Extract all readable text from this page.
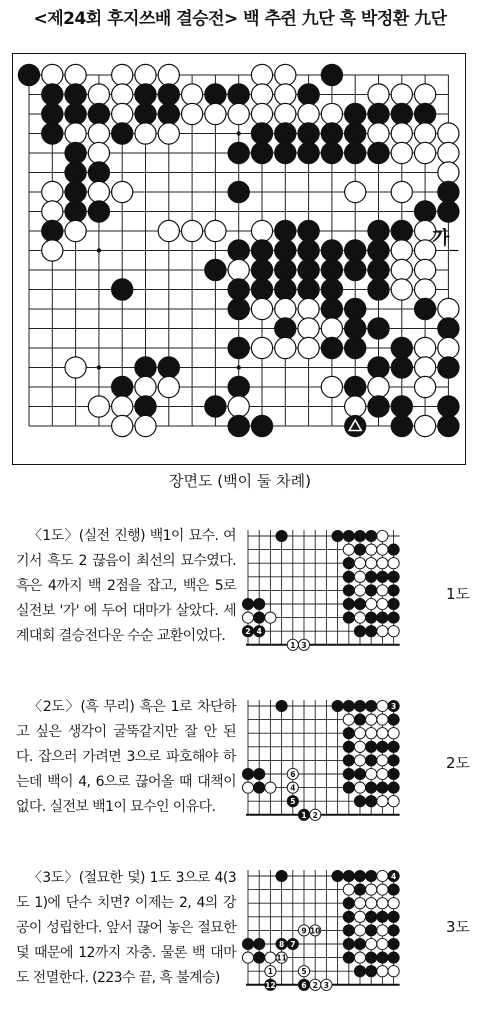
<제24회 후지쓰배 결승전> 백 추쥔 九단 흑 박정환 九단
가
장면도 (백이 둘 차례)
〈1도〉(실전 진행) 백1이 묘수. 여기서 흑도 2 끊음이 최선의 묘수였다. 흑은 4까지 백 2점을 잡고, 백은 5로 실전보 '가' 에 두어 대마가 살았다. 세계대회 결승전다운 수순 교환이었다.	2 4
1 3
1도
〈2도〉(흑 무리) 흑은 1로 차단하고 싶은 생각이 굴뚝같지만 잘 안 된다. 잡으러 가려면 3으로 파호해야 하는데 백이 4, 6으로 끊어올 때 대책이 없다. 실전보 백1이 묘수인 이유다.
3
6
4
5
1 2
2도
〈3도〉(절묘한 덫) 1도 3으로 4(3도 1)에 단수 치면? 이제는 2, 4의 강공이 성립한다. 앞서 끊어 놓은 절묘한 덫 때문에 12까지 자충. 물론 백 대마도 전멸한다. (223수 끝, 흑 불계승)
4
9 10
8 7
11
5
12	6 2 3
1
3도
